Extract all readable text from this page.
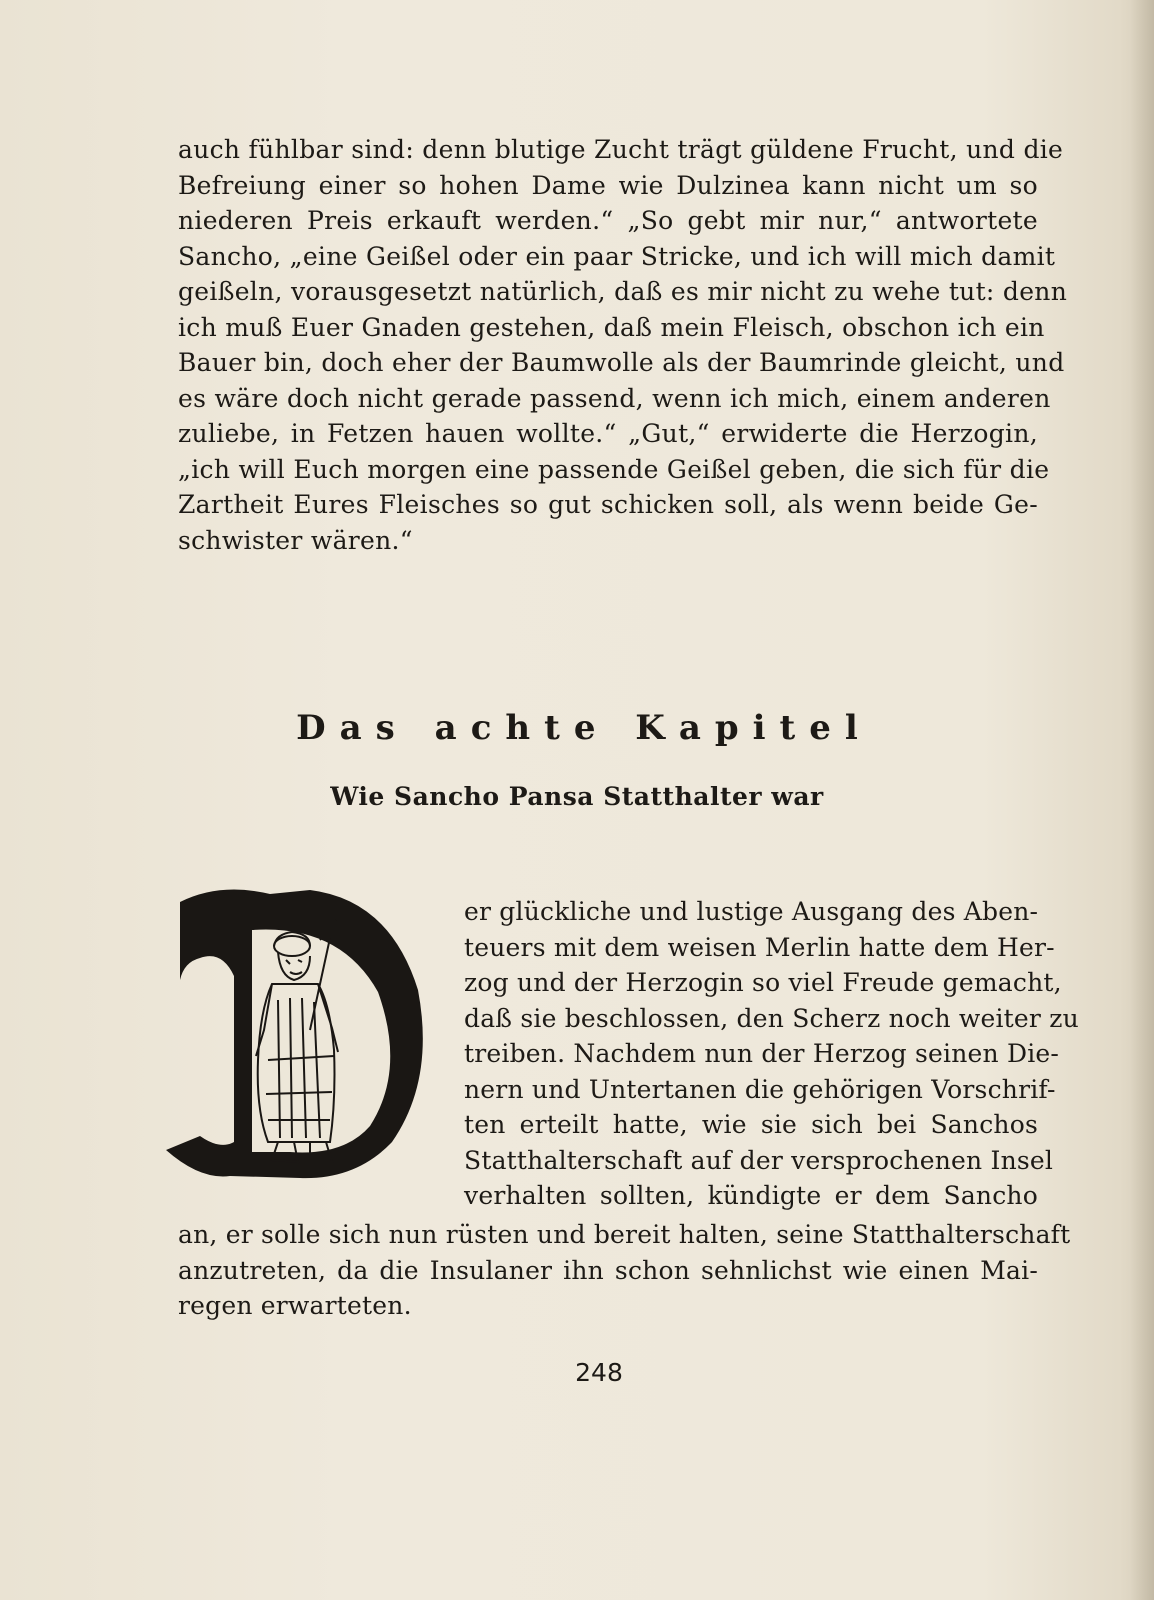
auch fühlbar sind: denn blutige Zucht trägt güldene Frucht, und die
Befreiung einer so hohen Dame wie Dulzinea kann nicht um so
niederen Preis erkauft werden.“ „So gebt mir nur,“ antwortete
Sancho, „eine Geißel oder ein paar Stricke, und ich will mich damit
geißeln, vorausgesetzt natürlich, daß es mir nicht zu wehe tut: denn
ich muß Euer Gnaden gestehen, daß mein Fleisch, obschon ich ein
Bauer bin, doch eher der Baumwolle als der Baumrinde gleicht, und
es wäre doch nicht gerade passend, wenn ich mich, einem anderen
zuliebe, in Fetzen hauen wollte.“ „Gut,“ erwiderte die Herzogin,
„ich will Euch morgen eine passende Geißel geben, die sich für die
Zartheit Eures Fleisches so gut schicken soll, als wenn beide Ge-
schwister wären.“
Das achte Kapitel
Wie Sancho Pansa Statthalter war
er glückliche und lustige Ausgang des Aben-
teuers mit dem weisen Merlin hatte dem Her-
zog und der Herzogin so viel Freude gemacht,
daß sie beschlossen, den Scherz noch weiter zu
treiben. Nachdem nun der Herzog seinen Die-
nern und Untertanen die gehörigen Vorschrif-
ten erteilt hatte, wie sie sich bei Sanchos
Statthalterschaft auf der versprochenen Insel
verhalten sollten, kündigte er dem Sancho
an, er solle sich nun rüsten und bereit halten, seine Statthalterschaft
anzutreten, da die Insulaner ihn schon sehnlichst wie einen Mai-
regen erwarteten.
248
